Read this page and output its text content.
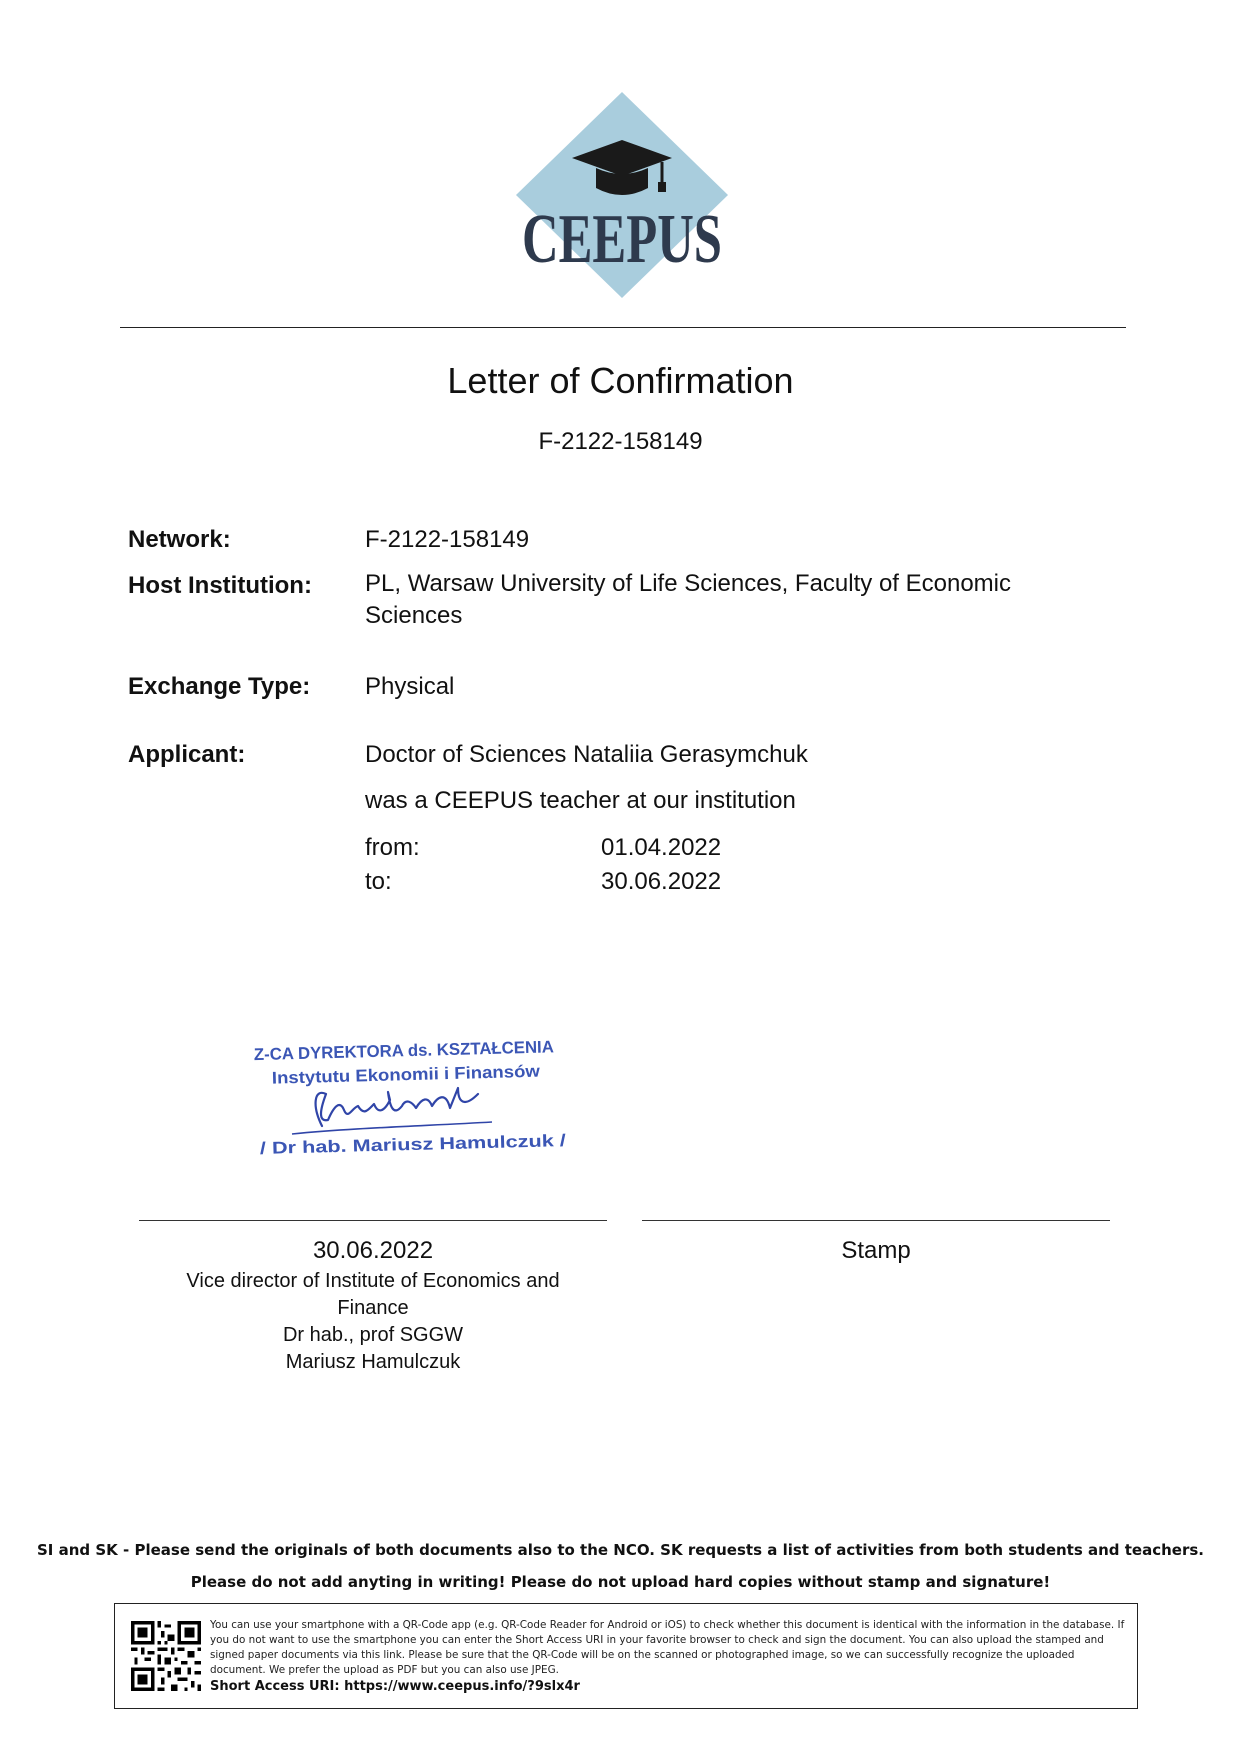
CEEPUS
Letter of Confirmation
F-2122-158149
Network:	F-2122-158149
Host Institution: PL, Warsaw University of Life Sciences, Faculty of Economic Sciences
Exchange Type: Physical
Applicant:	Doctor of Sciences Nataliia Gerasymchuk
was a CEEPUS teacher at our institution
from:	01.04.2022
to:	30.06.2022
Z-CA DYREKTORA ds. KSZTAŁCENIA
Instytutu Ekonomii i Finansów
/ Dr hab. Mariusz Hamulczuk /
30.06.2022
Vice director of Institute of Economics and
Finance
Dr hab., prof SGGW
Mariusz Hamulczuk
Stamp
SI and SK - Please send the originals of both documents also to the NCO. SK requests a list of activities from both students and teachers.
Please do not add anyting in writing! Please do not upload hard copies without stamp and signature!
You can use your smartphone with a QR-Code app (e.g. QR-Code Reader for Android or iOS) to check whether this document is identical with the information in the database. If you do not want to use the smartphone you can enter the Short Access URI in your favorite browser to check and sign the document. You can also upload the stamped and signed paper documents via this link. Please be sure that the QR-Code will be on the scanned or photographed image, so we can successfully recognize the uploaded document. We prefer the upload as PDF but you can also use JPEG.
Short Access URI: https://www.ceepus.info/?9slx4r
